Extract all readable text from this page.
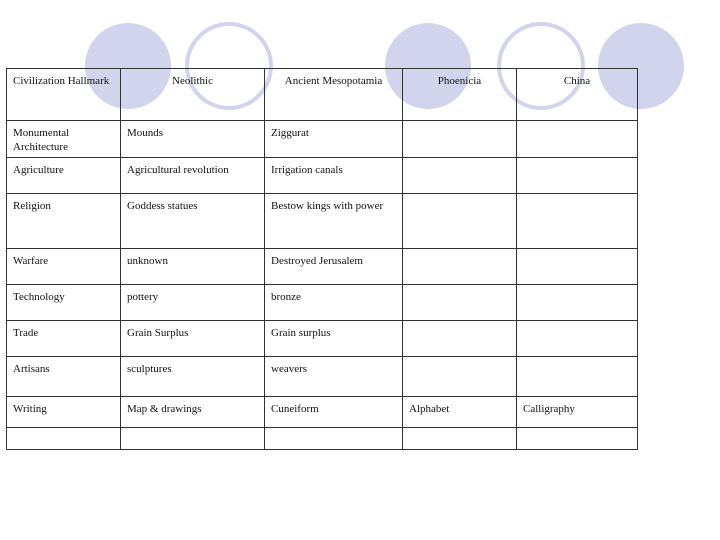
Civilization Hallmark	Neolithic	Ancient Mesopotamia	Phoenicia	China
Monumental Architecture	Mounds	Ziggurat		
Agriculture	Agricultural revolution	Irrigation canals		
Religion	Goddess statues	Bestow kings with power		
Warfare	unknown	Destroyed Jerusalem		
Technology	pottery	bronze		
Trade	Grain Surplus	Grain surplus		
Artisans	sculptures	weavers		
Writing	Map & drawings	Cuneiform	Alphabet	Calligraphy
